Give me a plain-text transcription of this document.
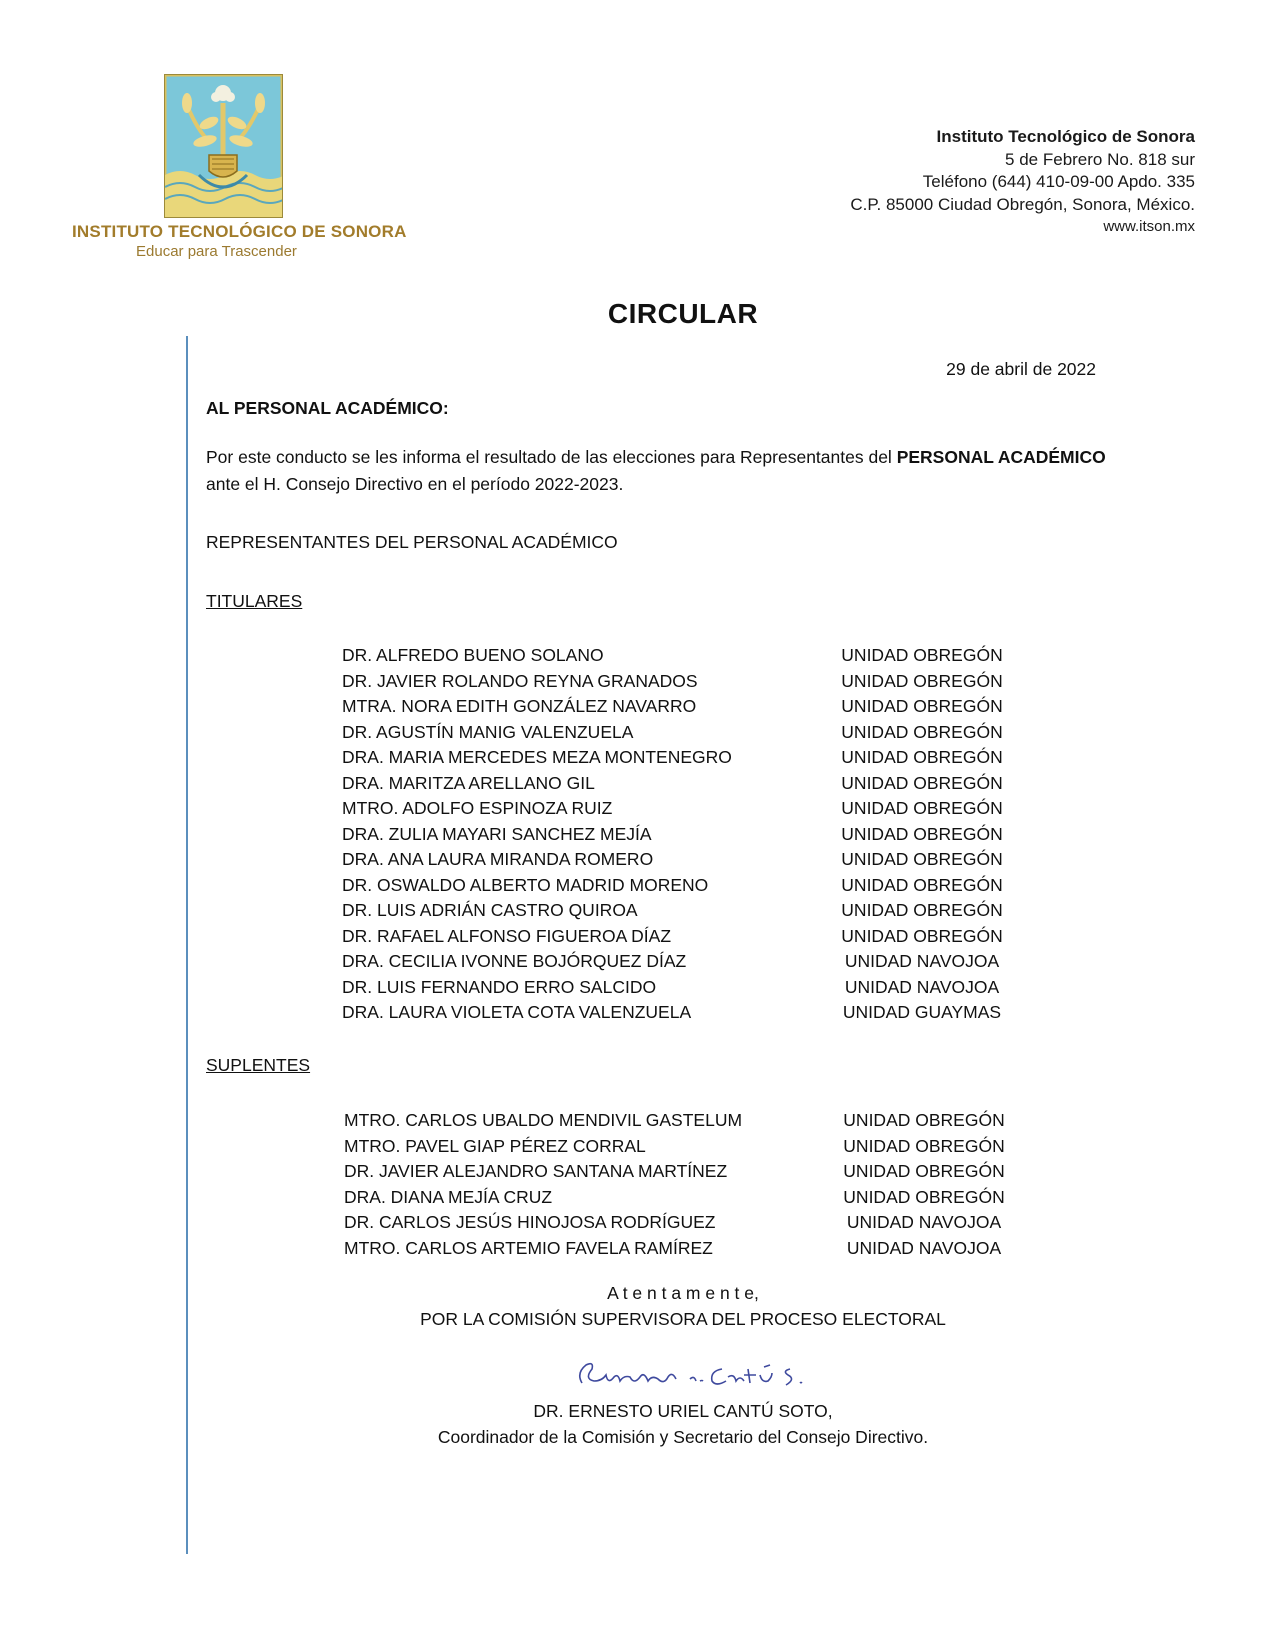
INSTITUTO TECNOLÓGICO DE SONORA
Educar para Trascender
Instituto Tecnológico de Sonora
5 de Febrero No. 818 sur
Teléfono (644) 410-09-00 Apdo. 335
C.P. 85000 Ciudad Obregón, Sonora, México.
www.itson.mx
CIRCULAR
29 de abril de 2022
AL PERSONAL ACADÉMICO:
Por este conducto se les informa el resultado de las elecciones para Representantes del PERSONAL ACADÉMICO
ante el H. Consejo Directivo en el período 2022-2023.
REPRESENTANTES DEL PERSONAL ACADÉMICO
TITULARES
DR. ALFREDO BUENO SOLANO	UNIDAD OBREGÓN
DR. JAVIER ROLANDO REYNA GRANADOS	UNIDAD OBREGÓN
MTRA. NORA EDITH GONZÁLEZ NAVARRO	UNIDAD OBREGÓN
DR. AGUSTÍN MANIG VALENZUELA	UNIDAD OBREGÓN
DRA. MARIA MERCEDES MEZA MONTENEGRO	UNIDAD OBREGÓN
DRA. MARITZA ARELLANO GIL	UNIDAD OBREGÓN
MTRO. ADOLFO ESPINOZA RUIZ	UNIDAD OBREGÓN
DRA. ZULIA MAYARI SANCHEZ MEJÍA	UNIDAD OBREGÓN
DRA. ANA LAURA MIRANDA ROMERO	UNIDAD OBREGÓN
DR. OSWALDO ALBERTO MADRID MORENO	UNIDAD OBREGÓN
DR. LUIS ADRIÁN CASTRO QUIROA	UNIDAD OBREGÓN
DR. RAFAEL ALFONSO FIGUEROA DÍAZ	UNIDAD OBREGÓN
DRA. CECILIA IVONNE BOJÓRQUEZ DÍAZ	UNIDAD NAVOJOA
DR. LUIS FERNANDO ERRO SALCIDO	UNIDAD NAVOJOA
DRA. LAURA VIOLETA COTA VALENZUELA	UNIDAD GUAYMAS
SUPLENTES
MTRO. CARLOS UBALDO MENDIVIL GASTELUM	UNIDAD OBREGÓN
MTRO. PAVEL GIAP PÉREZ CORRAL	UNIDAD OBREGÓN
DR. JAVIER ALEJANDRO SANTANA MARTÍNEZ	UNIDAD OBREGÓN
DRA. DIANA MEJÍA CRUZ	UNIDAD OBREGÓN
DR. CARLOS JESÚS HINOJOSA RODRÍGUEZ	UNIDAD NAVOJOA
MTRO. CARLOS ARTEMIO FAVELA RAMÍREZ	UNIDAD NAVOJOA
A t e n t a m e n t e,
POR LA COMISIÓN SUPERVISORA DEL PROCESO ELECTORAL
DR. ERNESTO URIEL CANTÚ SOTO,
Coordinador de la Comisión y Secretario del Consejo Directivo.
